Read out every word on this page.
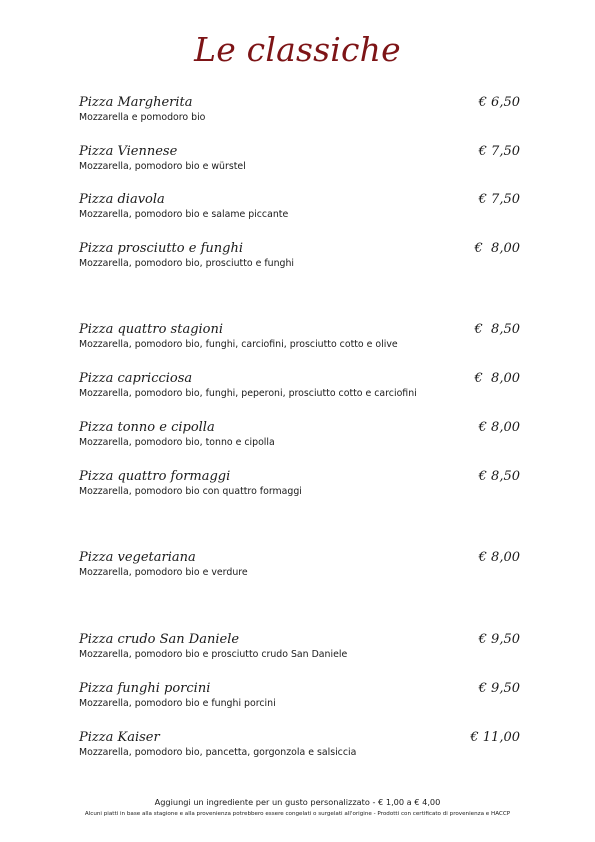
Le classiche
Pizza Margherita	€ 6,50
Mozzarella e pomodoro bio
Pizza Viennese	€ 7,50
Mozzarella, pomodoro bio e würstel
Pizza diavola	€ 7,50
Mozzarella, pomodoro bio e salame piccante
Pizza prosciutto e funghi	€  8,00
Mozzarella, pomodoro bio, prosciutto e funghi
Pizza quattro stagioni	€  8,50
Mozzarella, pomodoro bio, funghi, carciofini, prosciutto cotto e olive
Pizza capricciosa	€  8,00
Mozzarella, pomodoro bio, funghi, peperoni, prosciutto cotto e carciofini
Pizza tonno e cipolla	€ 8,00
Mozzarella, pomodoro bio, tonno e cipolla
Pizza quattro formaggi	€ 8,50
Mozzarella, pomodoro bio con quattro formaggi
Pizza vegetariana	€ 8,00
Mozzarella, pomodoro bio e verdure
Pizza crudo San Daniele	€ 9,50
Mozzarella, pomodoro bio e prosciutto crudo San Daniele
Pizza funghi porcini	€ 9,50
Mozzarella, pomodoro bio e funghi porcini
Pizza Kaiser	€ 11,00
Mozzarella, pomodoro bio, pancetta, gorgonzola e salsiccia
Aggiungi un ingrediente per un gusto personalizzato - € 1,00 a € 4,00
Alcuni piatti in base alla stagione e alla provenienza potrebbero essere congelati o surgelati all'origine - Prodotti con certificato di provenienza e HACCP
